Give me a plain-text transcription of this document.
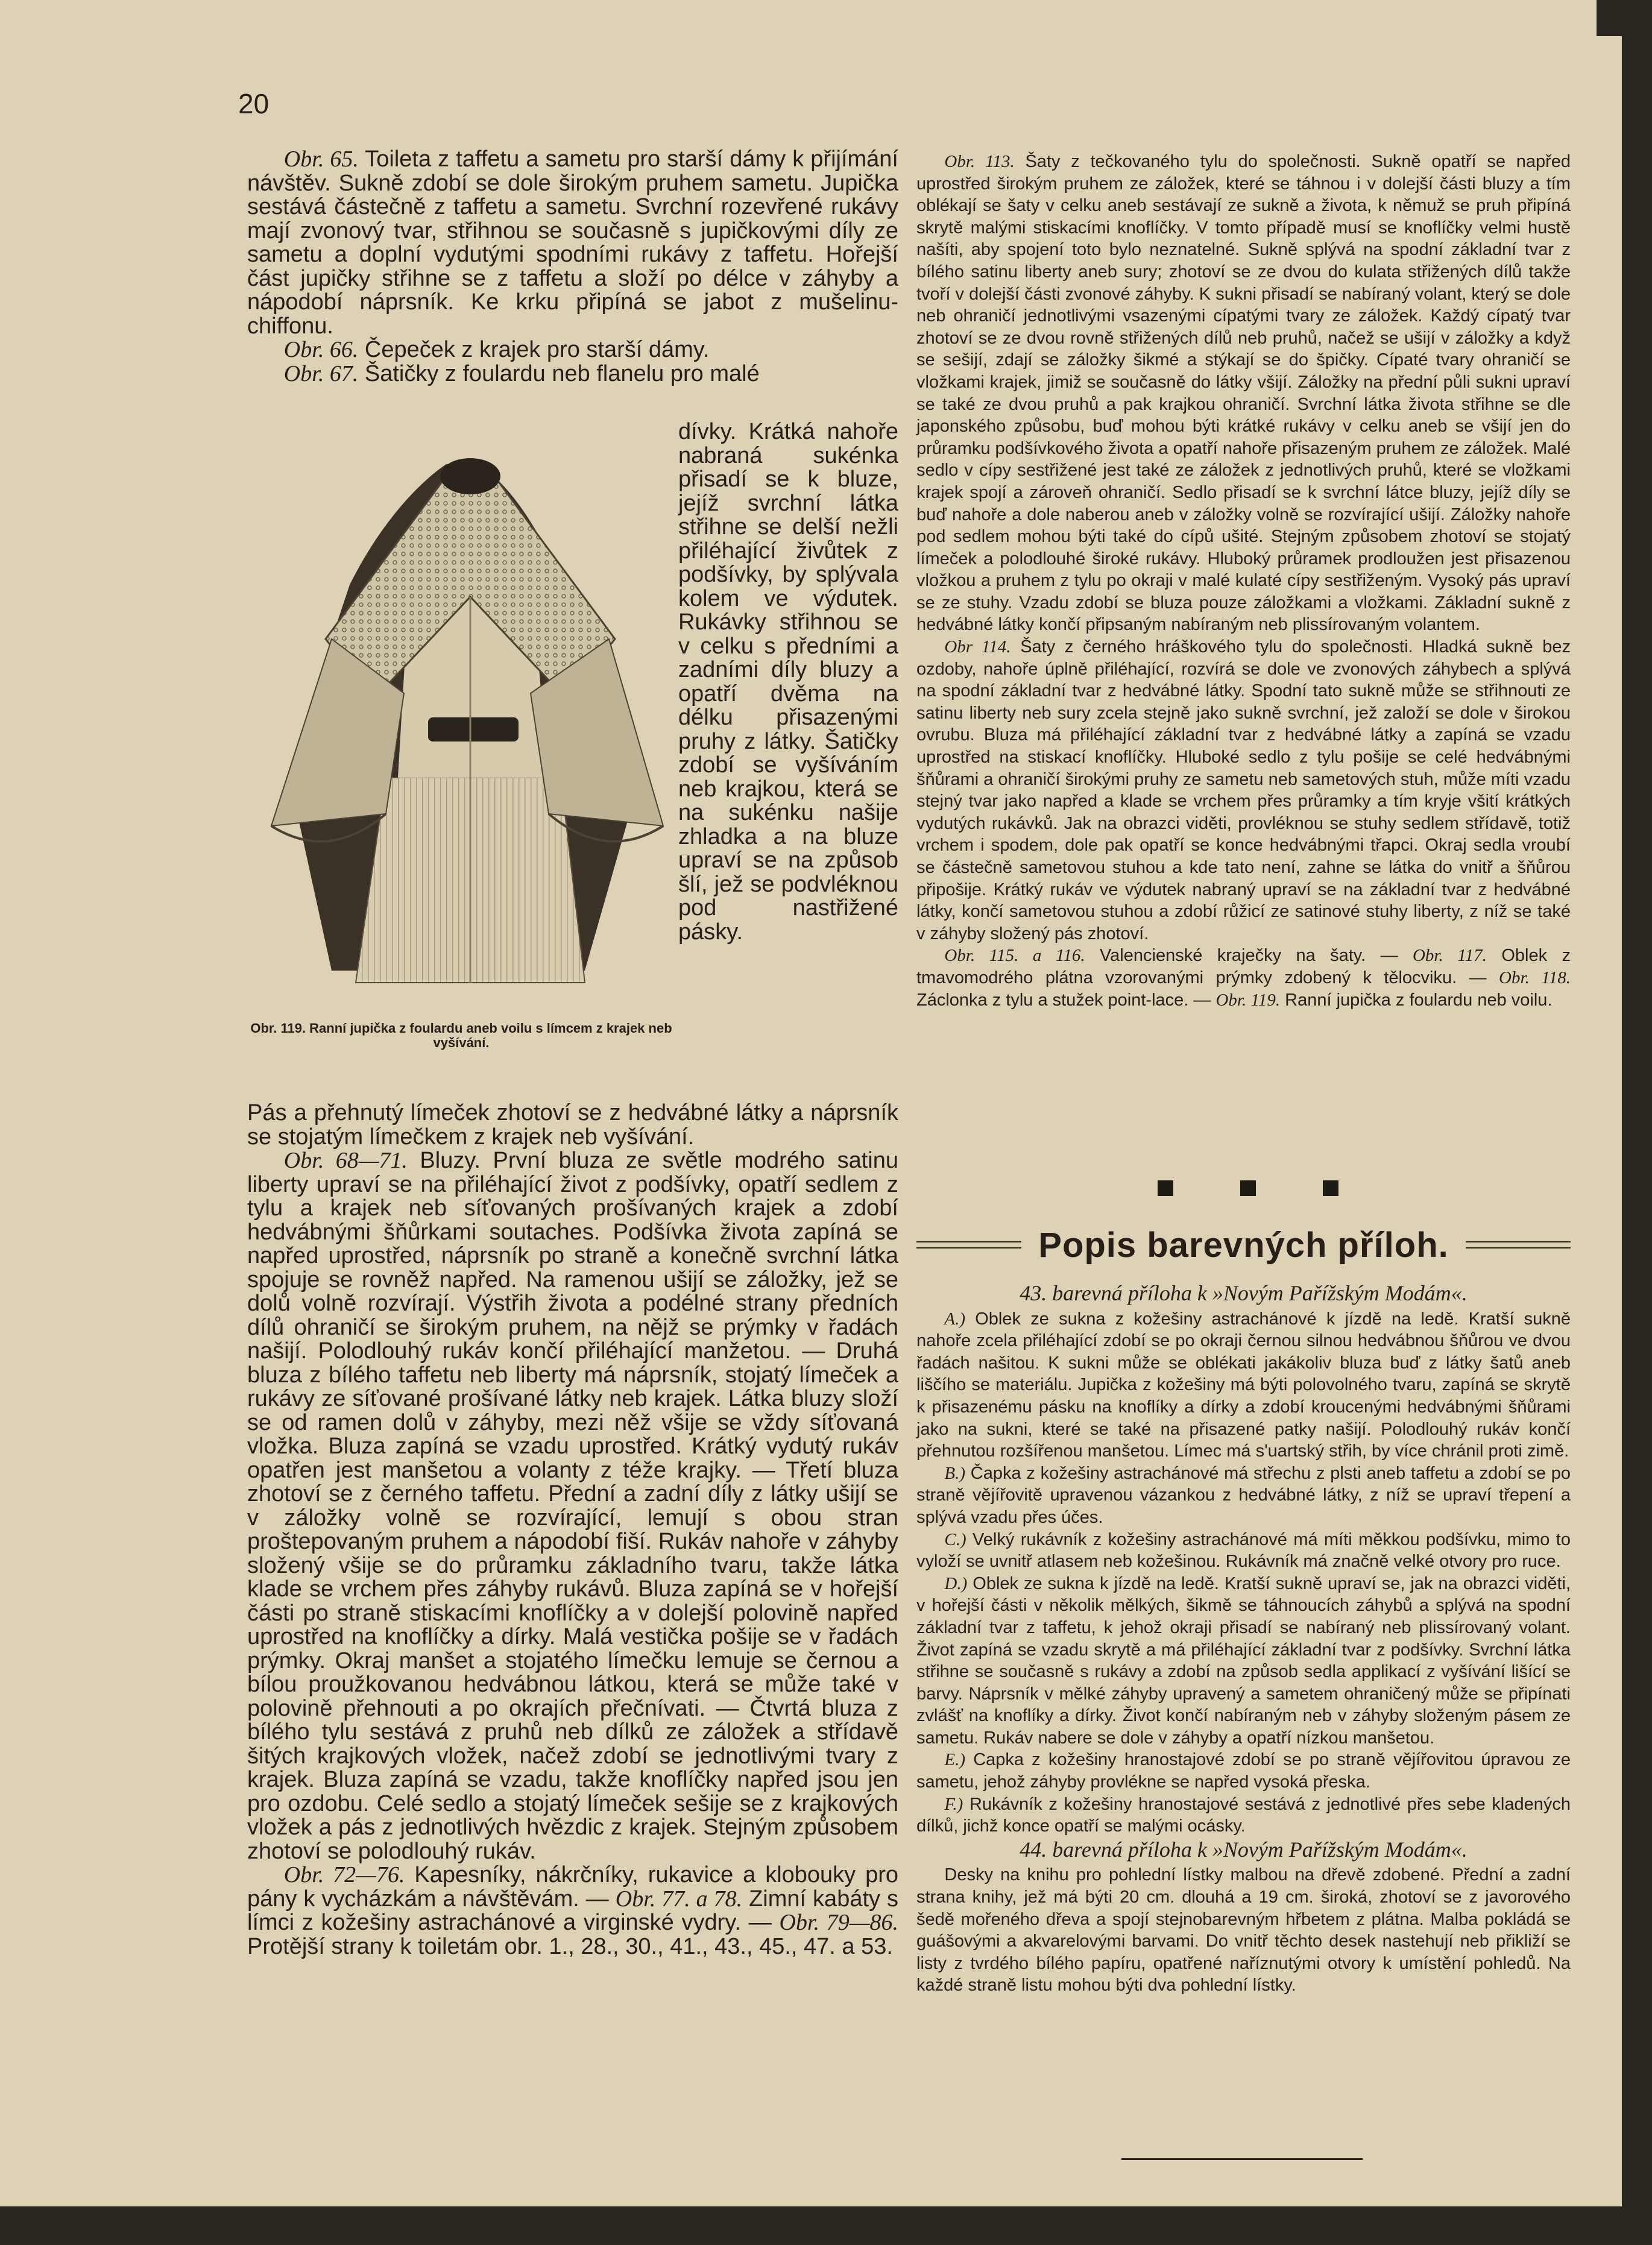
20

Obr. 65. Toileta z taffetu a sametu pro starší dámy k přijímání návštěv. Sukně zdobí se dole širokým pruhem sametu. Jupička sestává částečně z taffetu a sametu. Svrchní rozevřené rukávy mají zvonový tvar, střihnou se současně s jupičkovými díly ze sametu a doplní vydutými spodními rukávy z taffetu. Hořejší část jupičky střihne se z taffetu a složí po délce v záhyby a nápodobí náprsník. Ke krku připíná se jabot z mušelinu-chiffonu.

Obr. 66. Čepeček z krajek pro starší dámy.

Obr. 67. Šatičky z foulardu neb flanelu pro malé

Obr. 119. Ranní jupička z foulardu aneb voilu s límcem z krajek neb vyšívání.
dívky. Krátká nahoře nabraná sukénka přisadí se k bluze, jejíž svrchní látka střihne se delší nežli přiléhající živůtek z podšívky, by splývala kolem ve výdutek. Rukávky střihnou se v celku s předními a zadními díly bluzy a opatří dvěma na délku přisazenými pruhy z látky. Šatičky zdobí se vyšíváním neb krajkou, která se na sukénku našije zhladka a na bluze upraví se na způsob šlí, jež se podvléknou pod nastřižené pásky.

Pás a přehnutý límeček zhotoví se z hedvábné látky a náprsník se stojatým límečkem z krajek neb vyšívání.

Obr. 68—71. Bluzy. První bluza ze světle modrého satinu liberty upraví se na přiléhající život z podšívky, opatří sedlem z tylu a krajek neb síťovaných prošívaných krajek a zdobí hedvábnými šňůrkami soutaches. Podšívka života zapíná se napřed uprostřed, náprsník po straně a konečně svrchní látka spojuje se rovněž napřed. Na ramenou ušijí se záložky, jež se dolů volně rozvírají. Výstřih života a podélné strany předních dílů ohraničí se širokým pruhem, na nějž se prýmky v řadách našijí. Polodlouhý rukáv končí přiléhající manžetou. — Druhá bluza z bílého taffetu neb liberty má náprsník, stojatý límeček a rukávy ze síťované prošívané látky neb krajek. Látka bluzy složí se od ramen dolů v záhyby, mezi něž všije se vždy síťovaná vložka. Bluza zapíná se vzadu uprostřed. Krátký vydutý rukáv opatřen jest manšetou a volanty z téže krajky. — Třetí bluza zhotoví se z černého taffetu. Přední a zadní díly z látky ušijí se v záložky volně se rozvírající, lemují s obou stran proštepovaným pruhem a nápodobí fiší. Rukáv nahoře v záhyby složený všije se do průramku základního tvaru, takže látka klade se vrchem přes záhyby rukávů. Bluza zapíná se v hořejší části po straně stiskacími knoflíčky a v dolejší polovině napřed uprostřed na knoflíčky a dírky. Malá vestička pošije se v řadách prýmky. Okraj manšet a stojatého límečku lemuje se černou a bílou proužkovanou hedvábnou látkou, která se může také v polovině přehnouti a po okrajích přečnívati. — Čtvrtá bluza z bílého tylu sestává z pruhů neb dílků ze záložek a střídavě šitých krajkových vložek, načež zdobí se jednotlivými tvary z krajek. Bluza zapíná se vzadu, takže knoflíčky napřed jsou jen pro ozdobu. Celé sedlo a stojatý límeček sešije se z krajkových vložek a pás z jednotlivých hvězdic z krajek. Stejným způsobem zhotoví se polodlouhý rukáv.

Obr. 72—76. Kapesníky, nákrčníky, rukavice a klobouky pro pány k vycházkám a návštěvám. — Obr. 77. a 78. Zimní kabáty s límci z kožešiny astrachánové a virginské vydry. — Obr. 79—86. Protější strany k toiletám obr. 1., 28., 30., 41., 43., 45., 47. a 53.

Obr. 113. Šaty z tečkovaného tylu do společnosti. Sukně opatří se napřed uprostřed širokým pruhem ze záložek, které se táhnou i v dolejší části bluzy a tím oblékají se šaty v celku aneb sestávají ze sukně a života, k němuž se pruh připíná skrytě malými stiskacími knoflíčky. V tomto případě musí se knoflíčky velmi hustě našíti, aby spojení toto bylo neznatelné. Sukně splývá na spodní základní tvar z bílého satinu liberty aneb sury; zhotoví se ze dvou do kulata střižených dílů takže tvoří v dolejší části zvonové záhyby. K sukni přisadí se nabíraný volant, který se dole neb ohraničí jednotlivými vsazenými cípatými tvary ze záložek. Každý cípatý tvar zhotoví se ze dvou rovně střižených dílů neb pruhů, načež se ušijí v záložky a když se sešijí, zdají se záložky šikmé a stýkají se do špičky. Cípaté tvary ohraničí se vložkami krajek, jimiž se současně do látky všijí. Záložky na přední půli sukni upraví se také ze dvou pruhů a pak krajkou ohraničí. Svrchní látka života střihne se dle japonského způsobu, buď mohou býti krátké rukávy v celku aneb se všijí jen do průramku podšívkového života a opatří nahoře přisazeným pruhem ze záložek. Malé sedlo v cípy sestřižené jest také ze záložek z jednotlivých pruhů, které se vložkami krajek spojí a zároveň ohraničí. Sedlo přisadí se k svrchní látce bluzy, jejíž díly se buď nahoře a dole naberou aneb v záložky volně se rozvírající ušijí. Záložky nahoře pod sedlem mohou býti také do cípů ušité. Stejným způsobem zhotoví se stojatý límeček a polodlouhé široké rukávy. Hluboký průramek prodloužen jest přisazenou vložkou a pruhem z tylu po okraji v malé kulaté cípy sestřiženým. Vysoký pás upraví se ze stuhy. Vzadu zdobí se bluza pouze záložkami a vložkami. Základní sukně z hedvábné látky končí připsaným nabíraným neb plissírovaným volantem.

Obr 114. Šaty z černého hráškového tylu do společnosti. Hladká sukně bez ozdoby, nahoře úplně přiléhající, rozvírá se dole ve zvonových záhybech a splývá na spodní základní tvar z hedvábné látky. Spodní tato sukně může se střihnouti ze satinu liberty neb sury zcela stejně jako sukně svrchní, jež založí se dole v širokou ovrubu. Bluza má přiléhající základní tvar z hedvábné látky a zapíná se vzadu uprostřed na stiskací knoflíčky. Hluboké sedlo z tylu pošije se celé hedvábnými šňůrami a ohraničí širokými pruhy ze sametu neb sametových stuh, může míti vzadu stejný tvar jako napřed a klade se vrchem přes průramky a tím kryje všití krátkých vydutých rukávků. Jak na obrazci viděti, provléknou se stuhy sedlem střídavě, totiž vrchem i spodem, dole pak opatří se konce hedvábnými třapci. Okraj sedla vroubí se částečně sametovou stuhou a kde tato není, zahne se látka do vnitř a šňůrou připošije. Krátký rukáv ve výdutek nabraný upraví se na základní tvar z hedvábné látky, končí sametovou stuhou a zdobí růžicí ze satinové stuhy liberty, z níž se také v záhyby složený pás zhotoví.

Obr. 115. a 116. Valencienské kraječky na šaty. — Obr. 117. Oblek z tmavomodrého plátna vzorovanými prýmky zdobený k tělocviku. — Obr. 118. Záclonka z tylu a stužek point-lace. — Obr. 119. Ranní jupička z foulardu neb voilu.

Popis barevných příloh.
43. barevná příloha k »Novým Pařížským Modám«.

A.) Oblek ze sukna z kožešiny astrachánové k jízdě na ledě. Kratší sukně nahoře zcela přiléhající zdobí se po okraji černou silnou hedvábnou šňůrou ve dvou řadách našitou. K sukni může se oblékati jakákoliv bluza buď z látky šatů aneb liščího se materiálu. Jupička z kožešiny má býti polovolného tvaru, zapíná se skrytě k přisazenému pásku na knoflíky a dírky a zdobí kroucenými hedvábnými šňůrami jako na sukni, které se také na přisazené patky našijí. Polodlouhý rukáv končí přehnutou rozšířenou manšetou. Límec má s'uartský střih, by více chránil proti zimě.

B.) Čapka z kožešiny astrachánové má střechu z plsti aneb taffetu a zdobí se po straně vějířovitě upravenou vázankou z hedvábné látky, z níž se upraví třepení a splývá vzadu přes účes.

C.) Velký rukávník z kožešiny astrachánové má míti měkkou podšívku, mimo to vyloží se uvnitř atlasem neb kožešinou. Rukávník má značně velké otvory pro ruce.

D.) Oblek ze sukna k jízdě na ledě. Kratší sukně upraví se, jak na obrazci viděti, v hořejší části v několik mělkých, šikmě se táhnoucích záhybů a splývá na spodní základní tvar z taffetu, k jehož okraji přisadí se nabíraný neb plissírovaný volant. Život zapíná se vzadu skrytě a má přiléhající základní tvar z podšívky. Svrchní látka střihne se současně s rukávy a zdobí na způsob sedla applikací z vyšívání lišící se barvy. Náprsník v mělké záhyby upravený a sametem ohraničený může se připínati zvlášť na knoflíky a dírky. Život končí nabíraným neb v záhyby složeným pásem ze sametu. Rukáv nabere se dole v záhyby a opatří nízkou manšetou.

E.) Capka z kožešiny hranostajové zdobí se po straně vějířovitou úpravou ze sametu, jehož záhyby provlékne se napřed vysoká přeska.

F.) Rukávník z kožešiny hranostajové sestává z jednotlivé přes sebe kladených dílků, jichž konce opatří se malými ocásky.

44. barevná příloha k »Novým Pařížským Modám«.

Desky na knihu pro pohlední lístky malbou na dřevě zdobené. Přední a zadní strana knihy, jež má býti 20 cm. dlouhá a 19 cm. široká, zhotoví se z javorového šedě mořeného dřeva a spojí stejnobarevným hřbetem z plátna. Malba pokládá se guášovými a akvarelovými barvami. Do vnitř těchto desek nastehují neb přikliží se listy z tvrdého bílého papíru, opatřené naříznutými otvory k umístění pohledů. Na každé straně listu mohou býti dva pohlední lístky.
